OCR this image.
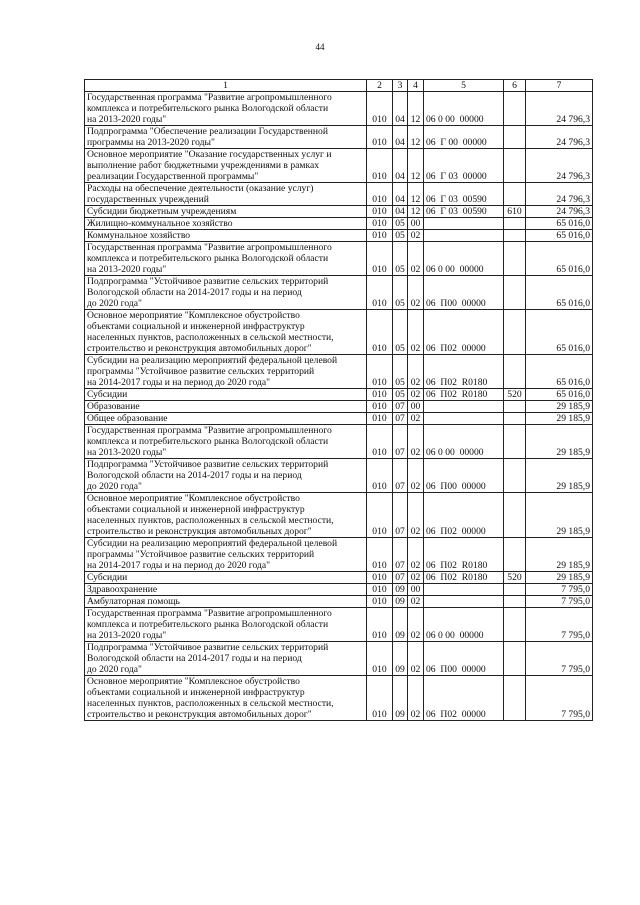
44
1	2	3	4	5	6	7
Государственная программа "Развитие агропромышленного
комплекса и потребительского рынка Вологодской области
на 2013-2020 годы"	010	04	12	06 0 00  00000		24 796,3
Подпрограмма "Обеспечение реализации Государственной
программы на 2013-2020 годы"	010	04	12	06  Г 00  00000		24 796,3
Основное мероприятие "Оказание государственных услуг и
выполнение работ бюджетными учреждениями в рамках
реализации Государственной программы"	010	04	12	06  Г 03  00000		24 796,3
Расходы на обеспечение деятельности (оказание услуг)
государственных учреждений	010	04	12	06  Г 03  00590		24 796,3
Субсидии бюджетным учреждениям	010	04	12	06  Г 03  00590	610	24 796,3
Жилищно-коммунальное хозяйство	010	05	00			65 016,0
Коммунальное хозяйство	010	05	02			65 016,0
Государственная программа "Развитие агропромышленного
комплекса и потребительского рынка Вологодской области
на 2013-2020 годы"	010	05	02	06 0 00  00000		65 016,0
Подпрограмма "Устойчивое развитие сельских территорий
Вологодской области на 2014-2017 годы и на период
до 2020 года"	010	05	02	06  П00  00000		65 016,0
Основное мероприятие "Комплексное обустройство
объектами социальной и инженерной инфраструктур
населенных пунктов, расположенных в сельской местности,
строительство и реконструкция автомобильных дорог"	010	05	02	06  П02  00000		65 016,0
Субсидии на реализацию мероприятий федеральной целевой
программы "Устойчивое развитие сельских территорий
на 2014-2017 годы и на период до 2020 года"	010	05	02	06  П02  R0180		65 016,0
Субсидии	010	05	02	06  П02  R0180	520	65 016,0
Образование	010	07	00			29 185,9
Общее образование	010	07	02			29 185,9
Государственная программа "Развитие агропромышленного
комплекса и потребительского рынка Вологодской области
на 2013-2020 годы"	010	07	02	06 0 00  00000		29 185,9
Подпрограмма "Устойчивое развитие сельских территорий
Вологодской области на 2014-2017 годы и на период
до 2020 года"	010	07	02	06  П00  00000		29 185,9
Основное мероприятие "Комплексное обустройство
объектами социальной и инженерной инфраструктур
населенных пунктов, расположенных в сельской местности,
строительство и реконструкция автомобильных дорог"	010	07	02	06  П02  00000		29 185,9
Субсидии на реализацию мероприятий федеральной целевой
программы "Устойчивое развитие сельских территорий
на 2014-2017 годы и на период до 2020 года"	010	07	02	06  П02  R0180		29 185,9
Субсидии	010	07	02	06  П02  R0180	520	29 185,9
Здравоохранение	010	09	00			7 795,0
Амбулаторная помощь	010	09	02			7 795,0
Государственная программа "Развитие агропромышленного
комплекса и потребительского рынка Вологодской области
на 2013-2020 годы"	010	09	02	06 0 00  00000		7 795,0
Подпрограмма "Устойчивое развитие сельских территорий
Вологодской области на 2014-2017 годы и на период
до 2020 года"	010	09	02	06  П00  00000		7 795,0
Основное мероприятие "Комплексное обустройство
объектами социальной и инженерной инфраструктур
населенных пунктов, расположенных в сельской местности,
строительство и реконструкция автомобильных дорог"	010	09	02	06  П02  00000		7 795,0
